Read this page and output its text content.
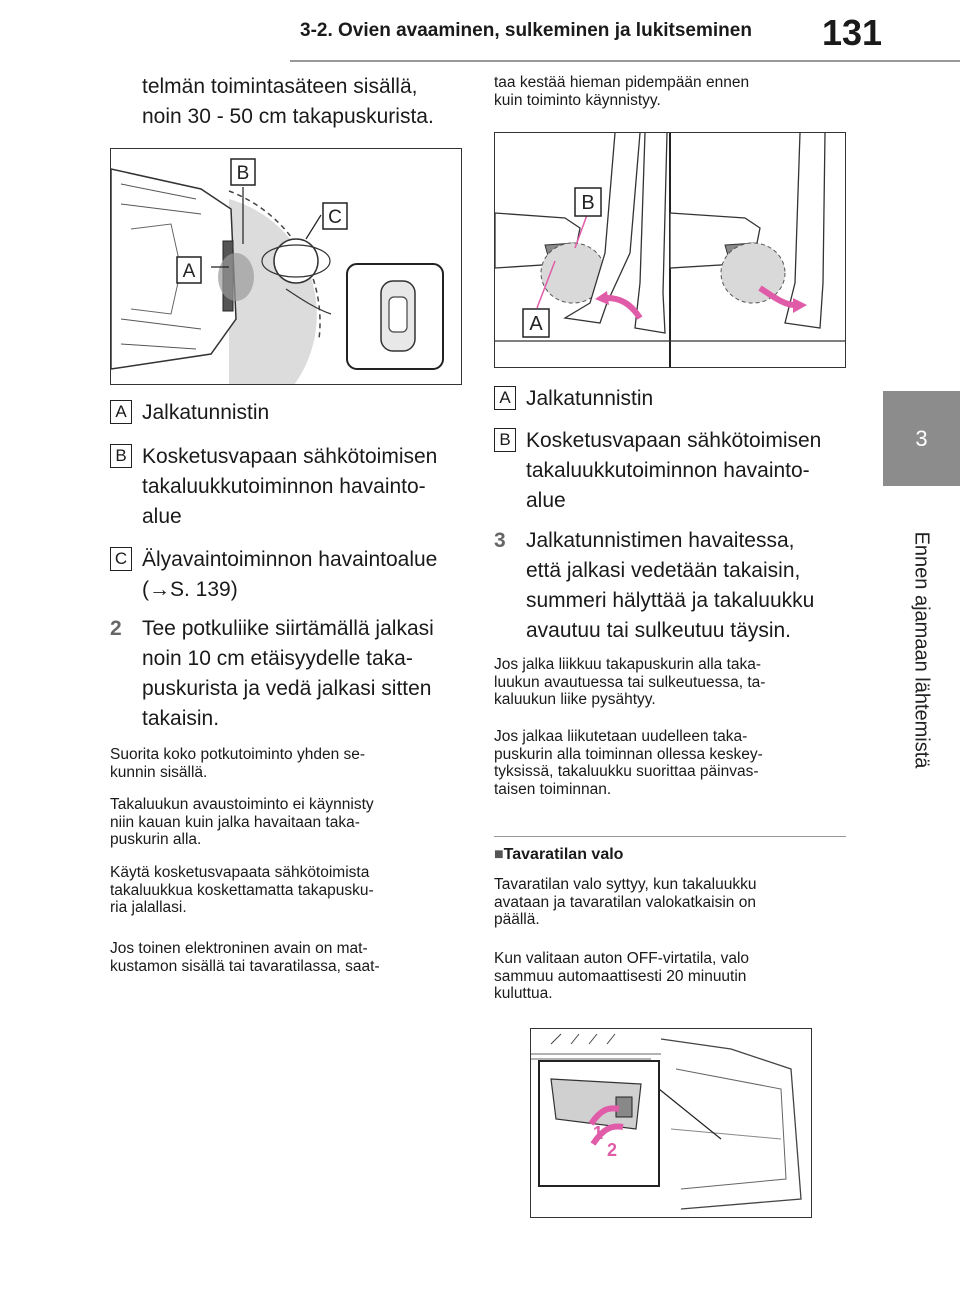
3-2. Ovien avaaminen, sulkeminen ja lukitseminen 131
3
Ennen ajamaan lähtemistä
telmän toimintasäteen sisällä,
noin 30 - 50 cm takapuskurista.
A
B
C
A Jalkatunnistin
B Kosketusvapaan sähkötoimisen
takaluukkutoiminnon havainto-
alue
C Älyavaintoiminnon havaintoalue
(→S. 139)
2 Tee potkuliike siirtämällä jalkasi
noin 10 cm etäisyydelle taka-
puskurista ja vedä jalkasi sitten
takaisin.
Suorita koko potkutoiminto yhden se-
kunnin sisällä.
Takaluukun avaustoiminto ei käynnisty
niin kauan kuin jalka havaitaan taka-
puskurin alla.
Käytä kosketusvapaata sähkötoimista
takaluukkua koskettamatta takapusku-
ria jalallasi.
Jos toinen elektroninen avain on mat-
kustamon sisällä tai tavaratilassa, saat-
taa kestää hieman pidempään ennen
kuin toiminto käynnistyy.
B
A
A Jalkatunnistin
B Kosketusvapaan sähkötoimisen
takaluukkutoiminnon havainto-
alue
3 Jalkatunnistimen havaitessa,
että jalkasi vedetään takaisin,
summeri hälyttää ja takaluukku
avautuu tai sulkeutuu täysin.
Jos jalka liikkuu takapuskurin alla taka-
luukun avautuessa tai sulkeutuessa, ta-
kaluukun liike pysähtyy.
Jos jalkaa liikutetaan uudelleen taka-
puskurin alla toiminnan ollessa keskey-
tyksissä, takaluukku suorittaa päinvas-
taisen toiminnan.
■Tavaratilan valo
Tavaratilan valo syttyy, kun takaluukku
avataan ja tavaratilan valokatkaisin on
päällä.
Kun valitaan auton OFF-virtatila, valo
sammuu automaattisesti 20 minuutin
kuluttua.
1
2
